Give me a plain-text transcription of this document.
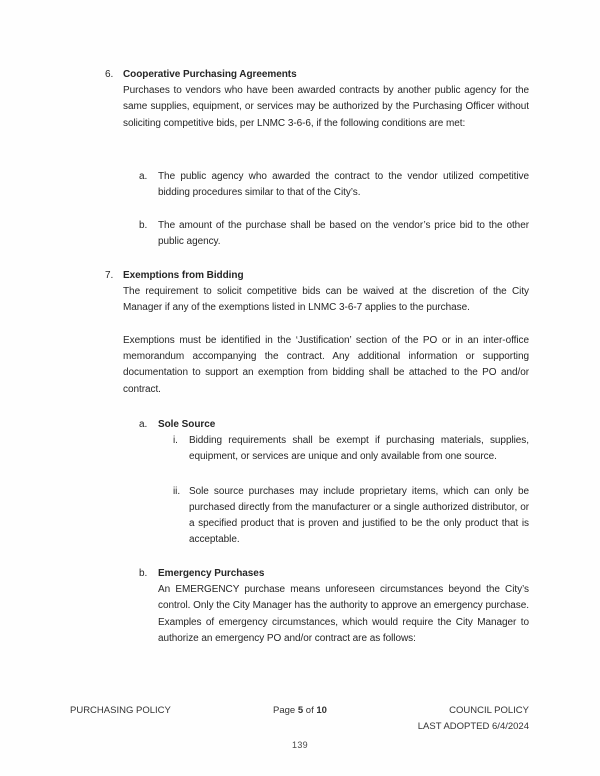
6. Cooperative Purchasing Agreements

Purchases to vendors who have been awarded contracts by another public agency for the same supplies, equipment, or services may be authorized by the Purchasing Officer without soliciting competitive bids, per LNMC 3-6-6, if the following conditions are met:

a.	The public agency who awarded the contract to the vendor utilized competitive bidding procedures similar to that of the City’s.

b.	The amount of the purchase shall be based on the vendor’s price bid to the other public agency.

7. Exemptions from Bidding

The requirement to solicit competitive bids can be waived at the discretion of the City Manager if any of the exemptions listed in LNMC 3-6-7 applies to the purchase.

Exemptions must be identified in the ‘Justification’ section of the PO or in an inter-office memorandum accompanying the contract. Any additional information or supporting documentation to support an exemption from bidding shall be attached to the PO and/or contract.

a.	Sole Source
i.	Bidding requirements shall be exempt if purchasing materials, supplies, equipment, or services are unique and only available from one source.

ii. Sole source purchases may include proprietary items, which can only be purchased directly from the manufacturer or a single authorized distributor, or a specified product that is proven and justified to be the only product that is acceptable.

b.	Emergency Purchases

An EMERGENCY purchase means unforeseen circumstances beyond the City’s control. Only the City Manager has the authority to approve an emergency purchase. Examples of emergency circumstances, which would require the City Manager to authorize an emergency PO and/or contract are as follows:

PURCHASING POLICY	Page 5 of 10	COUNCIL POLICY
LAST ADOPTED 6/4/2024
139
